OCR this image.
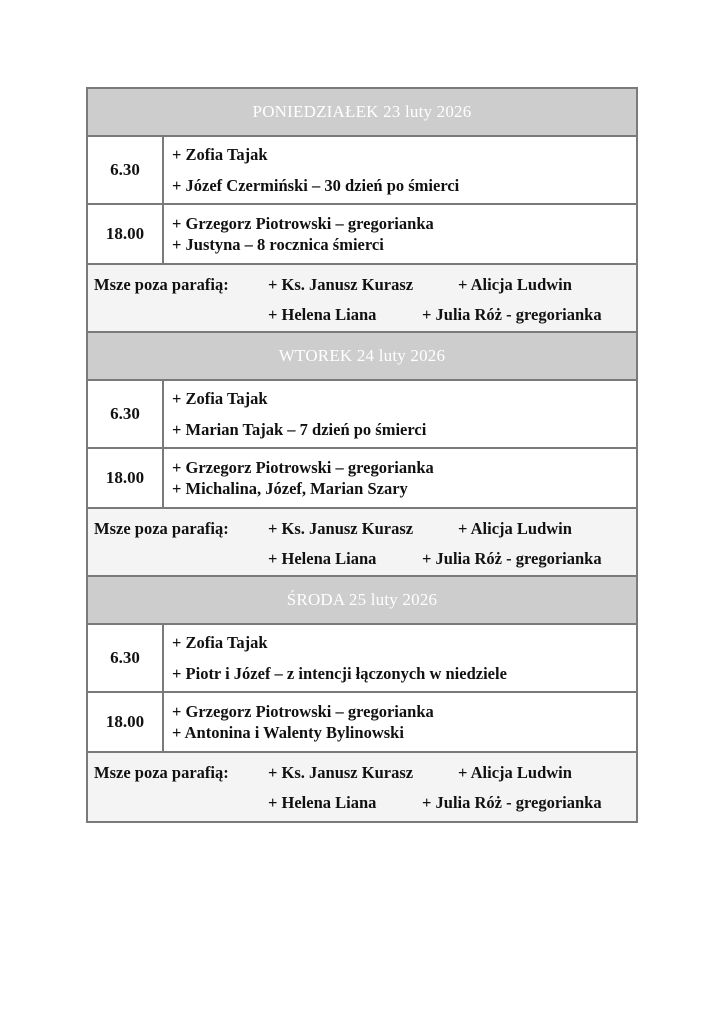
PONIEDZIAŁEK 23 luty 2026
6.30
+ Zofia Tajak
+ Józef Czermiński – 30 dzień po śmierci
18.00
+ Grzegorz Piotrowski – gregorianka
+ Justyna – 8 rocznica śmierci
Msze poza parafią: + Ks. Janusz Kurasz	+ Alicja Ludwin
+ Helena Liana	+ Julia Róż - gregorianka
WTOREK 24 luty 2026
6.30
+ Zofia Tajak
+ Marian Tajak – 7 dzień po śmierci
18.00
+ Grzegorz Piotrowski – gregorianka
+ Michalina, Józef, Marian Szary
Msze poza parafią: + Ks. Janusz Kurasz	+ Alicja Ludwin
+ Helena Liana	+ Julia Róż - gregorianka
ŚRODA 25 luty 2026
6.30
+ Zofia Tajak
+ Piotr i Józef – z intencji łączonych w niedziele
18.00
+ Grzegorz Piotrowski – gregorianka
+ Antonina i Walenty Bylinowski
Msze poza parafią: + Ks. Janusz Kurasz	+ Alicja Ludwin
+ Helena Liana	+ Julia Róż - gregorianka
